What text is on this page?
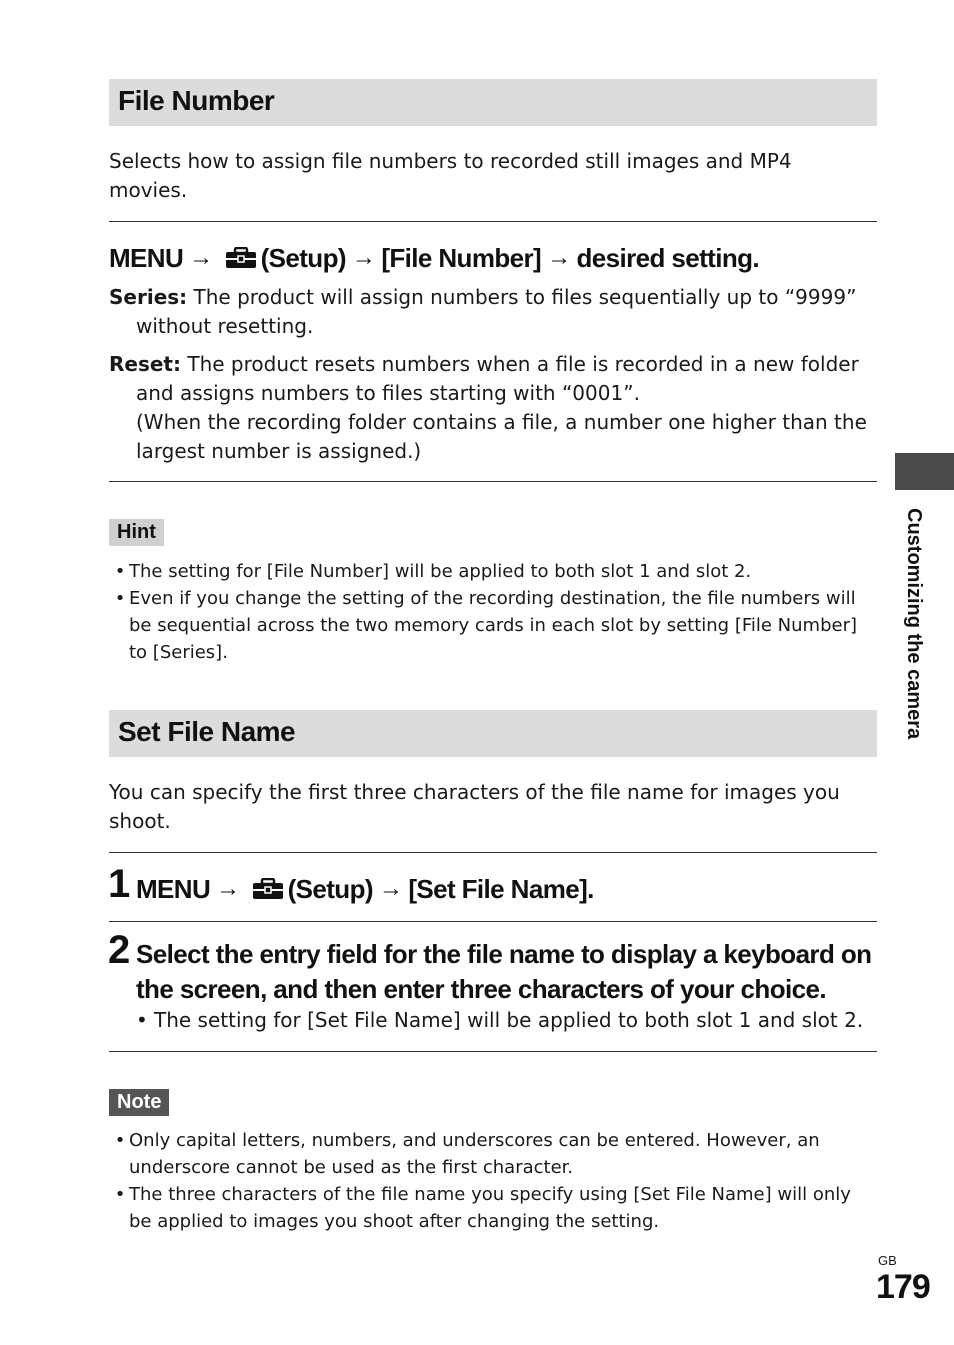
File Number
Selects how to assign file numbers to recorded still images and MP4 movies.
MENU → (Setup) → [File Number] → desired setting.
Series: The product will assign numbers to files sequentially up to “9999” without resetting.
Reset: The product resets numbers when a file is recorded in a new folder and assigns numbers to files starting with “0001”.
(When the recording folder contains a file, a number one higher than the largest number is assigned.)
Hint
• The setting for [File Number] will be applied to both slot 1 and slot 2.
• Even if you change the setting of the recording destination, the file numbers will be sequential across the two memory cards in each slot by setting [File Number] to [Series].
Set File Name
You can specify the first three characters of the file name for images you shoot.
1 MENU → (Setup) → [Set File Name].
2 Select the entry field for the file name to display a keyboard on the screen, and then enter three characters of your choice.
• The setting for [Set File Name] will be applied to both slot 1 and slot 2.
Note
• Only capital letters, numbers, and underscores can be entered. However, an underscore cannot be used as the first character.
• The three characters of the file name you specify using [Set File Name] will only be applied to images you shoot after changing the setting.
Customizing the camera
GB
179
